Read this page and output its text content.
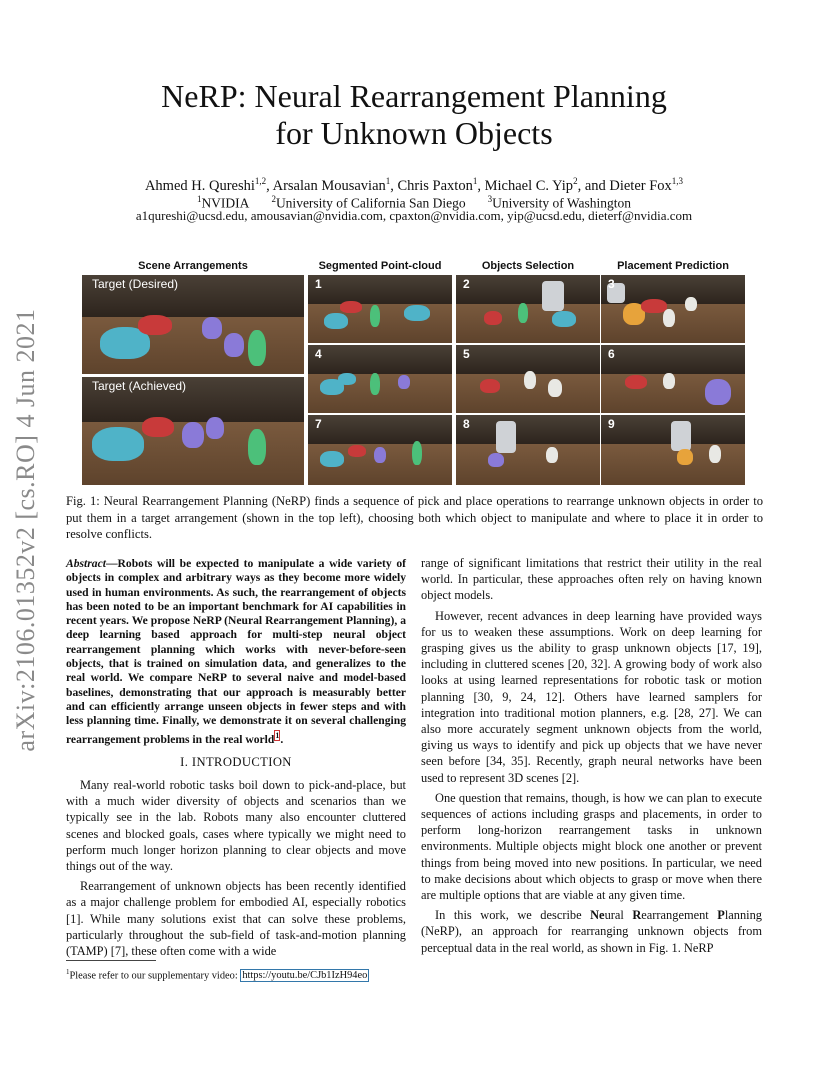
arXiv:2106.01352v2 [cs.RO] 4 Jun 2021
NeRP: Neural Rearrangement Planning
for Unknown Objects
Ahmed H. Qureshi$^{1,2}$, Arsalan Mousavian$^1$, Chris Paxton$^1$, Michael C. Yip$^2$, and Dieter Fox$^{1,3}$
$^1$NVIDIA $^2$University of California San Diego $^3$University of Washington
a1qureshi@ucsd.edu, amousavian@nvidia.com, cpaxton@nvidia.com, yip@ucsd.edu, dieterf@nvidia.com
Scene Arrangements	Segmented Point-cloud	Objects Selection	Placement Prediction
Target (Desired)
Target (Achieved)
1	2	3
4	5	6
7	8	9
Fig. 1: Neural Rearrangement Planning (NeRP) finds a sequence of pick and place operations to rearrange unknown objects in order to put them in a target arrangement (shown in the top left), choosing both which object to manipulate and where to place it in order to resolve conflicts.
Abstract—Robots will be expected to manipulate a wide variety of objects in complex and arbitrary ways as they become more widely used in human environments. As such, the rearrangement of objects has been noted to be an important benchmark for AI capabilities in recent years. We propose NeRP (Neural Rearrangement Planning), a deep learning based approach for multi-step neural object rearrangement planning which works with never-before-seen objects, that is trained on simulation data, and generalizes to the real world. We compare NeRP to several naive and model-based baselines, demonstrating that our approach is measurably better and can efficiently arrange unseen objects in fewer steps and with less planning time. Finally, we demonstrate it on several challenging rearrangement problems in the real world$^1$.
I. INTRODUCTION

Many real-world robotic tasks boil down to pick-and-place, but with a much wider diversity of objects and scenarios than we typically see in the lab. Robots many also encounter cluttered scenes and blocked goals, cases where typically we might need to perform much longer horizon planning to clear objects and move things out of the way.

Rearrangement of unknown objects has been recently identified as a major challenge problem for embodied AI, especially robotics [1]. While many solutions exist that can solve these problems, particularly throughout the sub-field of task-and-motion planning (TAMP) [7], these often come with a wide

$^1$Please refer to our supplementary video: https://youtu.be/CJb1IzH94eo

range of significant limitations that restrict their utility in the real world. In particular, these approaches often rely on having known object models.

However, recent advances in deep learning have provided ways for us to weaken these assumptions. Work on deep learning for grasping gives us the ability to grasp unknown objects [17, 19], including in cluttered scenes [20, 32]. A growing body of work also looks at using learned representations for robotic task or motion planning [30, 9, 24, 12]. Others have learned samplers for integration into traditional motion planners, e.g. [28, 27]. We can also more accurately segment unknown objects from the world, giving us ways to identify and pick up objects that we have never seen before [34, 35]. Recently, graph neural networks have been used to represent 3D scenes [2].

One question that remains, though, is how we can plan to execute sequences of actions including grasps and placements, in order to perform long-horizon rearrangement tasks in unknown environments. Multiple objects might block one another or prevent things from being moved into new positions. In particular, we need to make decisions about which objects to grasp or move when there are multiple options that are viable at any given time.

In this work, we describe Neural Rearrangement Planning (NeRP), an approach for rearranging unknown objects from perceptual data in the real world, as shown in Fig. 1. NeRP
